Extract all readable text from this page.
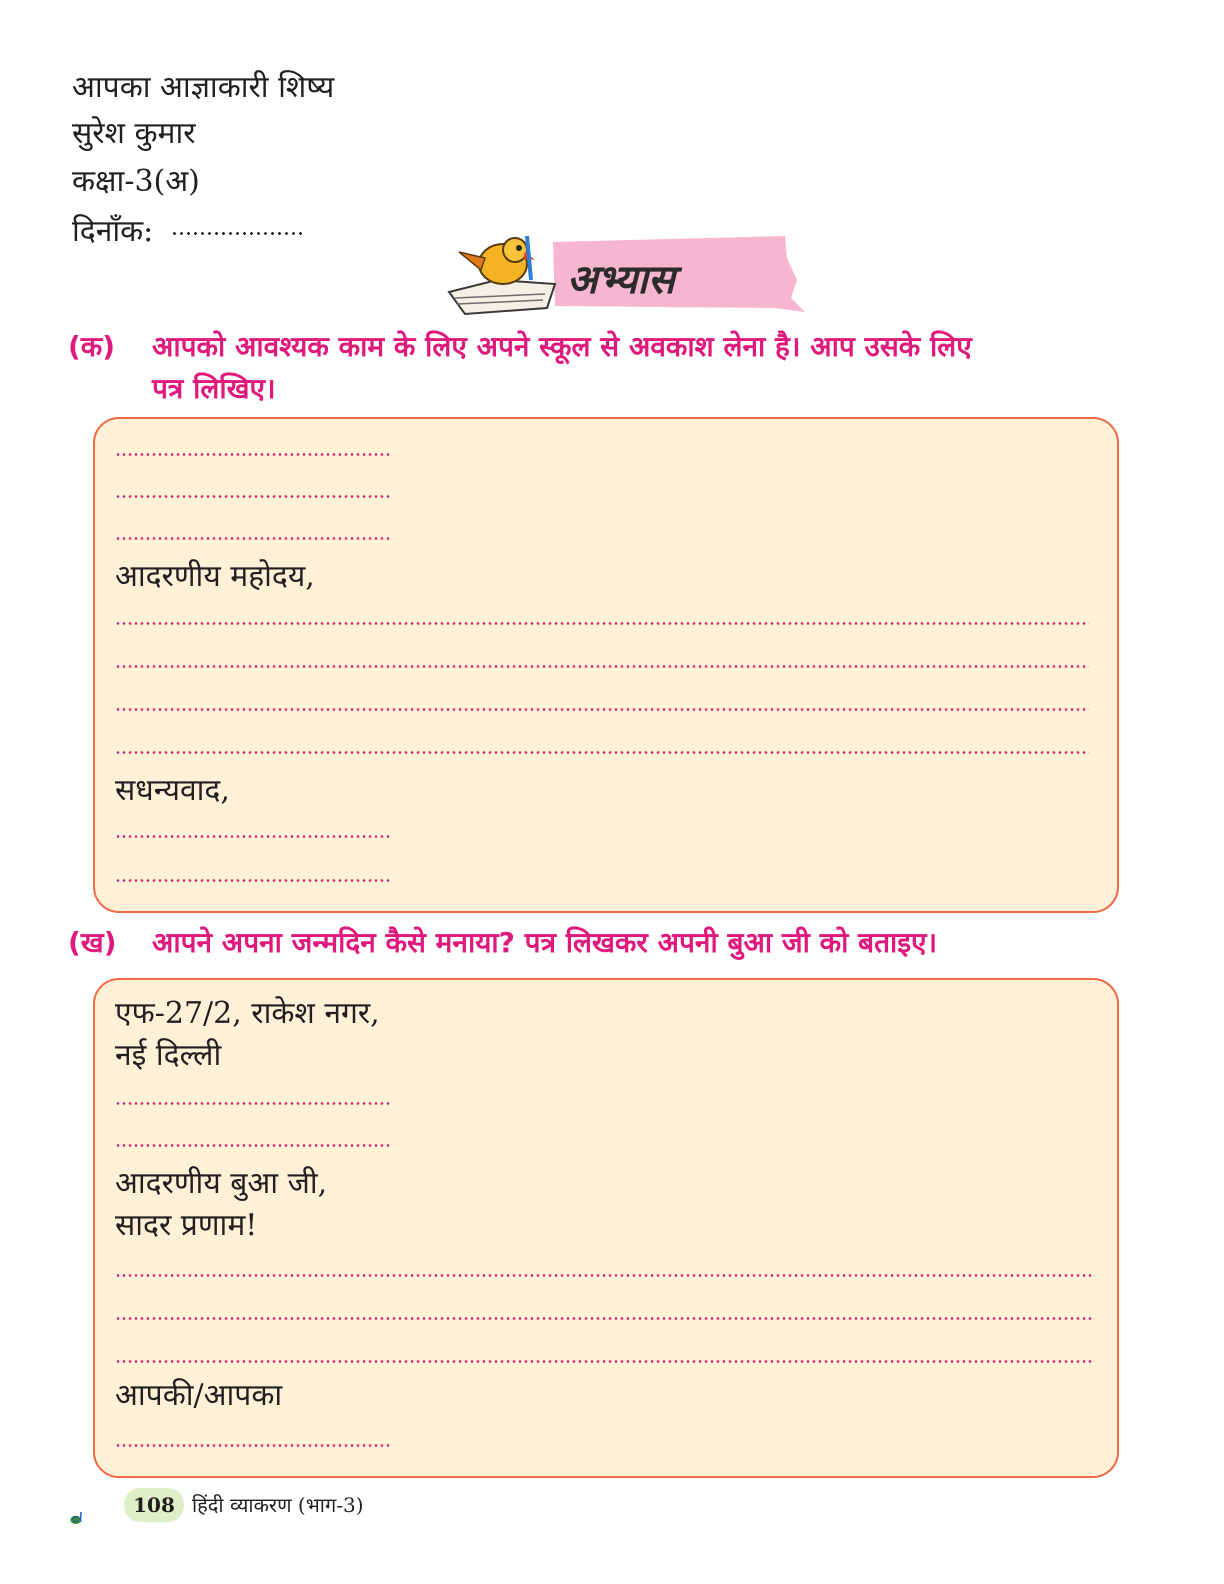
आपका आज्ञाकारी शिष्य
सुरेश कुमार
कक्षा-3(अ)
दिनाँक:
अभ्यास
(क) आपको आवश्यक काम के लिए अपने स्कूल से अवकाश लेना है। आप उसके लिए
पत्र लिखिए।
आदरणीय महोदय,
सधन्यवाद,
(ख) आपने अपना जन्मदिन कैसे मनाया? पत्र लिखकर अपनी बुआ जी को बताइए।
एफ-27/2, राकेश नगर,
नई दिल्ली
आदरणीय बुआ जी,
सादर प्रणाम!
आपकी/आपका
108 हिंदी व्याकरण (भाग-3)
